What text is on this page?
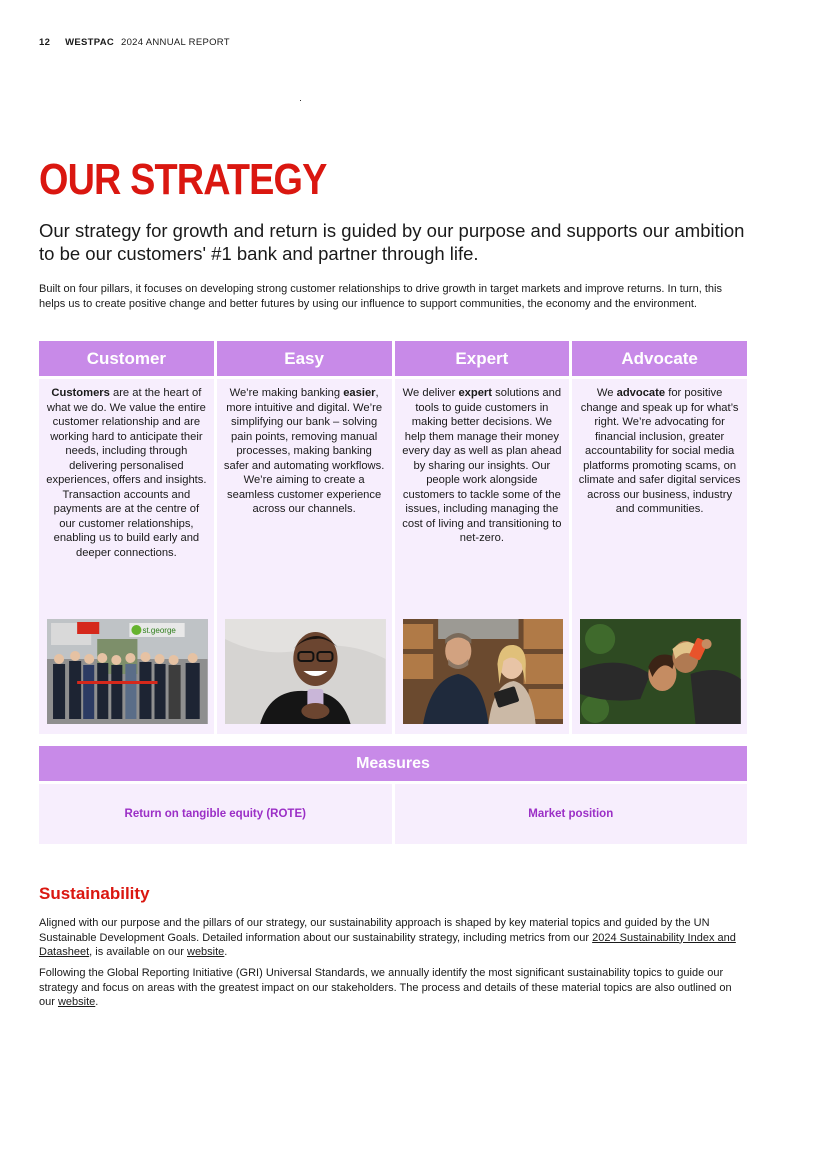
12 WESTPAC 2024 ANNUAL REPORT
OUR STRATEGY

Our strategy for growth and return is guided by our purpose and supports our ambition to be our customers' #1 bank and partner through life.

Built on four pillars, it focuses on developing strong customer relationships to drive growth in target markets and improve returns. In turn, this helps us to create positive change and better futures by using our influence to support communities, the economy and the environment.

Customer

Customers are at the heart of what we do. We value the entire customer relationship and are working hard to anticipate their needs, including through delivering personalised experiences, offers and insights. Transaction accounts and payments are at the centre of our customer relationships, enabling us to build early and deeper connections.

st.george
Easy

We’re making banking easier, more intuitive and digital. We’re simplifying our bank – solving pain points, removing manual processes, making banking safer and automating workflows. We’re aiming to create a seamless customer experience across our channels.

Expert

We deliver expert solutions and tools to guide customers in making better decisions. We help them manage their money every day as well as plan ahead by sharing our insights. Our people work alongside customers to tackle some of the issues, including managing the cost of living and transitioning to net-zero.

Advocate

We advocate for positive change and speak up for what’s right. We’re advocating for financial inclusion, greater accountability for social media platforms promoting scams, on climate and safer digital services across our business, industry and communities.

Measures
Return on tangible equity (ROTE)	Market position
Sustainability

Aligned with our purpose and the pillars of our strategy, our sustainability approach is shaped by key material topics and guided by the UN Sustainable Development Goals. Detailed information about our sustainability strategy, including metrics from our 2024 Sustainability Index and Datasheet, is available on our website.

Following the Global Reporting Initiative (GRI) Universal Standards, we annually identify the most significant sustainability topics to guide our strategy and focus on areas with the greatest impact on our stakeholders. The process and details of these material topics are also outlined on our website.
